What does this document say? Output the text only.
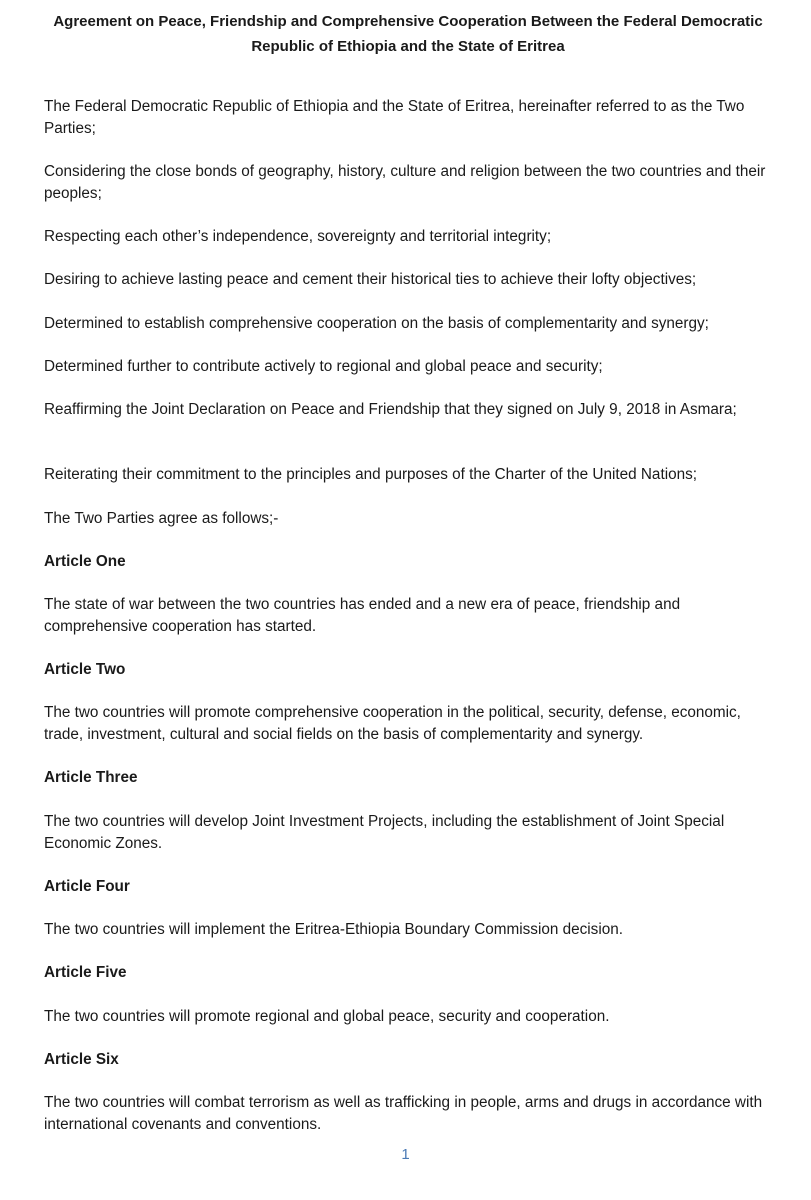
Agreement on Peace, Friendship and Comprehensive Cooperation Between the Federal Democratic Republic of Ethiopia and the State of Eritrea

The Federal Democratic Republic of Ethiopia and the State of Eritrea, hereinafter referred to as the Two Parties;

Considering the close bonds of geography, history, culture and religion between the two countries and their peoples;

Respecting each other’s independence, sovereignty and territorial integrity;

Desiring to achieve lasting peace and cement their historical ties to achieve their lofty objectives;

Determined to establish comprehensive cooperation on the basis of complementarity and synergy;

Determined further to contribute actively to regional and global peace and security;

Reaffirming the Joint Declaration on Peace and Friendship that they signed on July 9, 2018 in Asmara;

Reiterating their commitment to the principles and purposes of the Charter of the United Nations;

The Two Parties agree as follows;-

Article One

The state of war between the two countries has ended and a new era of peace, friendship and comprehensive cooperation has started.

Article Two

The two countries will promote comprehensive cooperation in the political, security, defense, economic, trade, investment, cultural and social fields on the basis of complementarity and synergy.

Article Three

The two countries will develop Joint Investment Projects, including the establishment of Joint Special Economic Zones.

Article Four

The two countries will implement the Eritrea-Ethiopia Boundary Commission decision.

Article Five

The two countries will promote regional and global peace, security and cooperation.

Article Six

The two countries will combat terrorism as well as trafficking in people, arms and drugs in accordance with international covenants and conventions.

1
